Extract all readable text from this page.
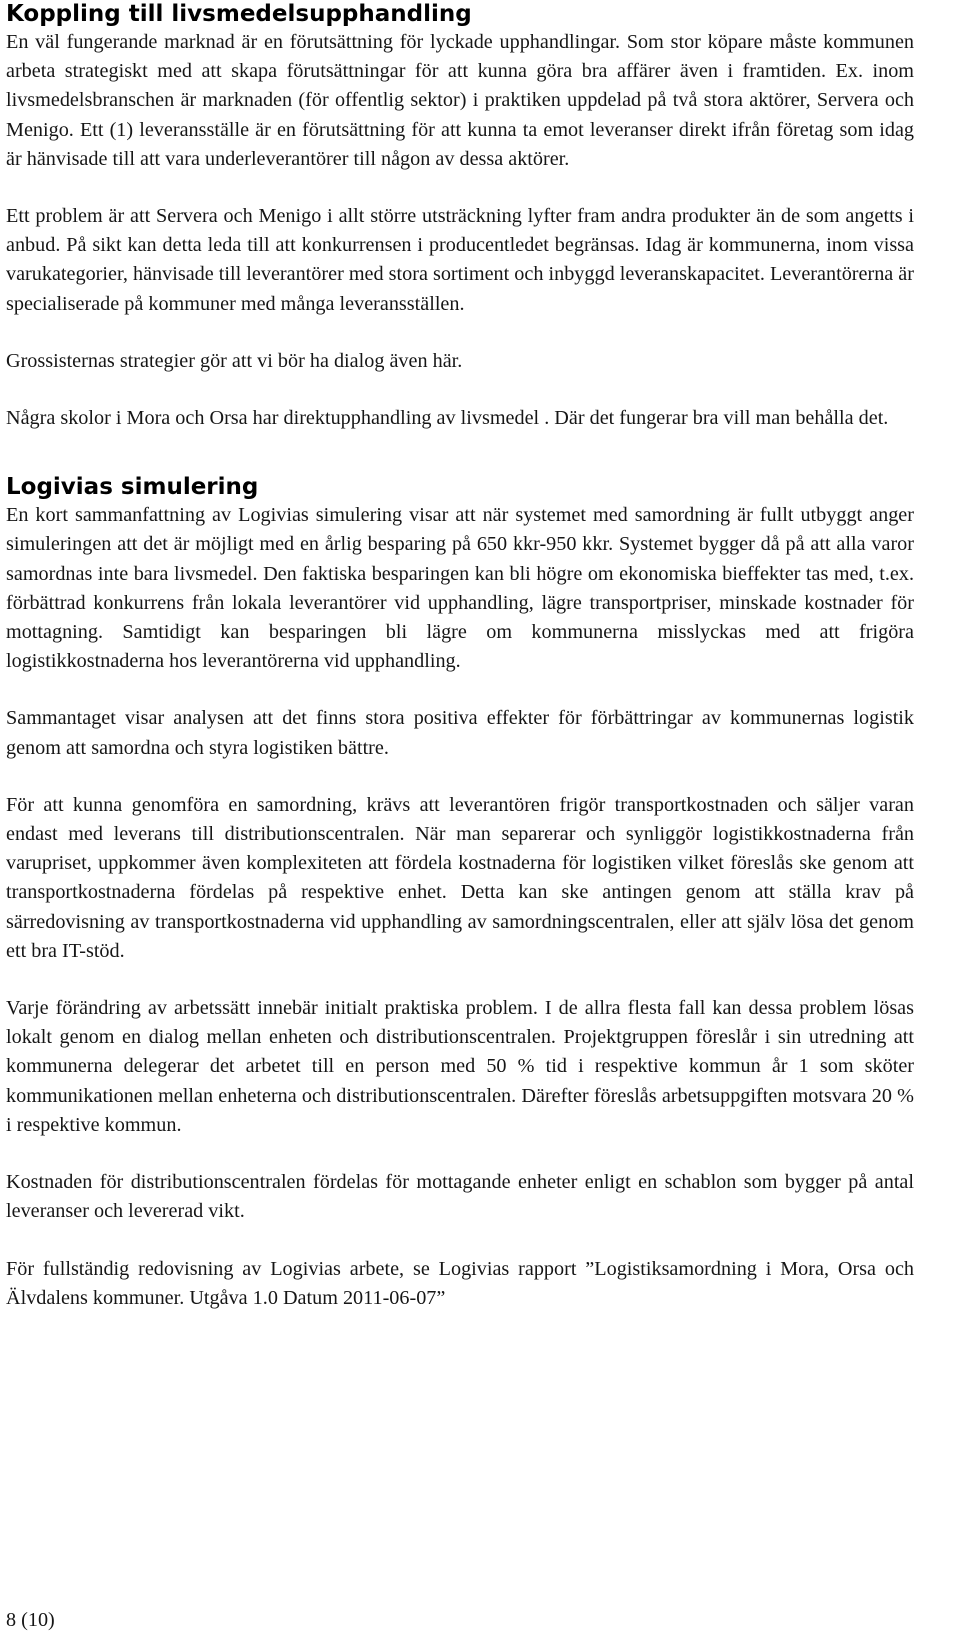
Koppling till livsmedelsupphandling

En väl fungerande marknad är en förutsättning för lyckade upphandlingar. Som stor köpare måste kommunen arbeta strategiskt med att skapa förutsättningar för att kunna göra bra affärer även i framtiden. Ex. inom livsmedelsbranschen är marknaden (för offentlig sektor) i praktiken uppdelad på två stora aktörer, Servera och Menigo. Ett (1) leveransställe är en förutsättning för att kunna ta emot leveranser direkt ifrån företag som idag är hänvisade till att vara underleverantörer till någon av dessa aktörer.

Ett problem är att Servera och Menigo i allt större utsträckning lyfter fram andra produkter än de som angetts i anbud. På sikt kan detta leda till att konkurrensen i producentledet begränsas. Idag är kommunerna, inom vissa varukategorier, hänvisade till leverantörer med stora sortiment och inbyggd leveranskapacitet. Leverantörerna är specialiserade på kommuner med många leveransställen.

Grossisternas strategier gör att vi bör ha dialog även här.

Några skolor i Mora och Orsa har direktupphandling av livsmedel . Där det fungerar bra vill man behålla det.

Logivias simulering

En kort sammanfattning av Logivias simulering visar att när systemet med samordning är fullt utbyggt anger simuleringen att det är möjligt med en årlig besparing på 650 kkr-950 kkr. Systemet bygger då på att alla varor samordnas inte bara livsmedel. Den faktiska besparingen kan bli högre om ekonomiska bieffekter tas med, t.ex. förbättrad konkurrens från lokala leverantörer vid upphandling, lägre transportpriser, minskade kostnader för mottagning. Samtidigt kan besparingen bli lägre om kommunerna misslyckas med att frigöra logistikkostnaderna hos leverantörerna vid upphandling.

Sammantaget visar analysen att det finns stora positiva effekter för förbättringar av kommunernas logistik genom att samordna och styra logistiken bättre.

För att kunna genomföra en samordning, krävs att leverantören frigör transportkostnaden och säljer varan endast med leverans till distributionscentralen. När man separerar och synliggör logistikkostnaderna från varupriset, uppkommer även komplexiteten att fördela kostnaderna för logistiken vilket föreslås ske genom att transportkostnaderna fördelas på respektive enhet. Detta kan ske antingen genom att ställa krav på särredovisning av transportkostnaderna vid upphandling av samordningscentralen, eller att själv lösa det genom ett bra IT-stöd.

Varje förändring av arbetssätt innebär initialt praktiska problem. I de allra flesta fall kan dessa problem lösas lokalt genom en dialog mellan enheten och distributionscentralen. Projektgruppen föreslår i sin utredning att kommunerna delegerar det arbetet till en person med 50 % tid i respektive kommun år 1 som sköter kommunikationen mellan enheterna och distributionscentralen. Därefter föreslås arbetsuppgiften motsvara 20 % i respektive kommun.

Kostnaden för distributionscentralen fördelas för mottagande enheter enligt en schablon som bygger på antal leveranser och levererad vikt.

För fullständig redovisning av Logivias arbete, se Logivias rapport ”Logistiksamordning i Mora, Orsa och Älvdalens kommuner. Utgåva 1.0 Datum 2011-06-07”

8 (10)
